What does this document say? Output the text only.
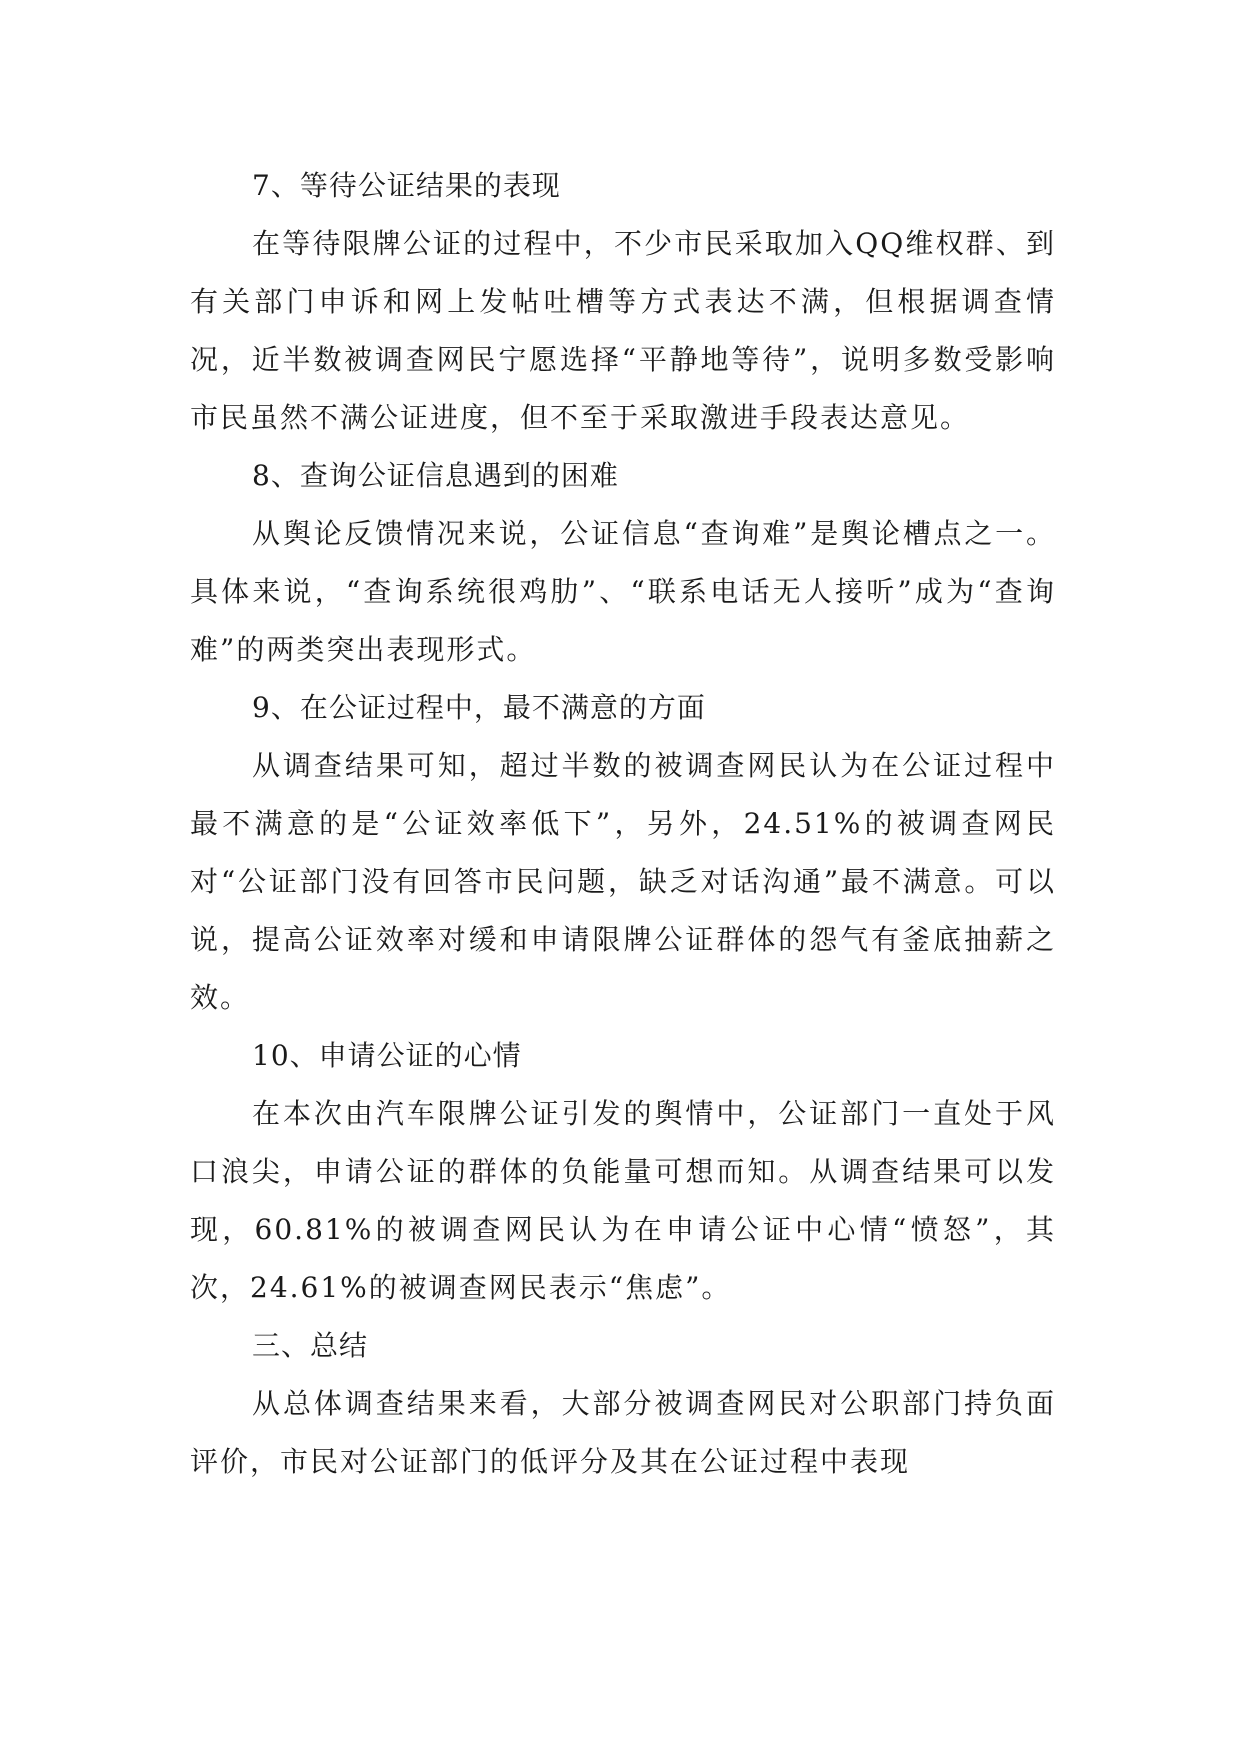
7、等待公证结果的表现
在等待限牌公证的过程中，不少市民采取加入QQ维权群、到有关部门申诉和网上发帖吐槽等方式表达不满，但根据调查情况，近半数被调查网民宁愿选择“平静地等待”，说明多数受影响市民虽然不满公证进度，但不至于采取激进手段表达意见。
8、查询公证信息遇到的困难
从舆论反馈情况来说，公证信息“查询难”是舆论槽点之一。具体来说，“查询系统很鸡肋”、“联系电话无人接听”成为“查询难”的两类突出表现形式。
9、在公证过程中，最不满意的方面
从调查结果可知，超过半数的被调查网民认为在公证过程中最不满意的是“公证效率低下”，另外，24.51%的被调查网民对“公证部门没有回答市民问题，缺乏对话沟通”最不满意。可以说，提高公证效率对缓和申请限牌公证群体的怨气有釜底抽薪之效。
10、申请公证的心情
在本次由汽车限牌公证引发的舆情中，公证部门一直处于风口浪尖，申请公证的群体的负能量可想而知。从调查结果可以发现，60.81%的被调查网民认为在申请公证中心情“愤怒”，其次，24.61%的被调查网民表示“焦虑”。
三、总结
从总体调查结果来看，大部分被调查网民对公职部门持负面评价，市民对公证部门的低评分及其在公证过程中表现
